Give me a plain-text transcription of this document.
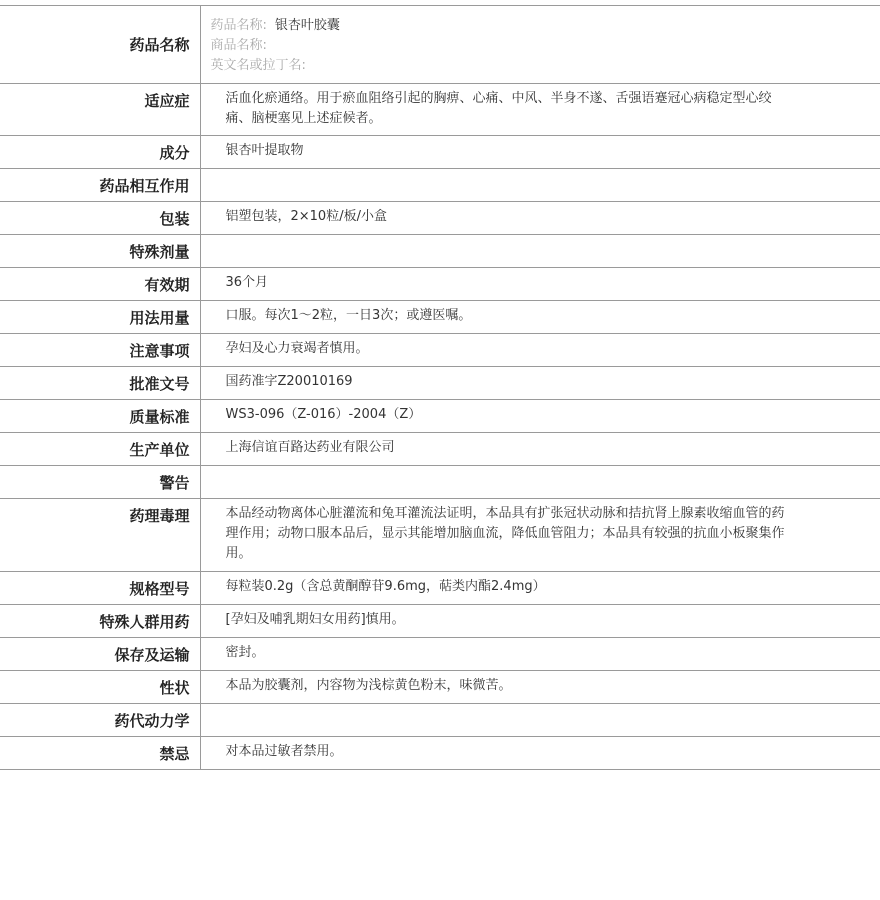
药品名称	药品名称: 银杏叶胶囊
商品名称:
英文名或拉丁名:

适应症	活血化瘀通络。用于瘀血阻络引起的胸痹、心痛、中风、半身不遂、舌强语蹇冠心病稳定型心绞痛、脑梗塞见上述症候者。
成分	银杏叶提取物
药品相互作用	
包装	铝塑包装，2×10粒/板/小盒
特殊剂量	
有效期	36个月
用法用量	口服。每次1～2粒，一日3次；或遵医嘱。
注意事项	孕妇及心力衰竭者慎用。
批准文号	国药准字Z20010169
质量标准	WS3-096（Z-016）-2004（Z）
生产单位	上海信谊百路达药业有限公司
警告	
药理毒理	本品经动物离体心脏灌流和兔耳灌流法证明，本品具有扩张冠状动脉和拮抗肾上腺素收缩血管的药理作用；动物口服本品后，显示其能增加脑血流，降低血管阻力；本品具有较强的抗血小板聚集作用。
规格型号	每粒装0.2g（含总黄酮醇苷9.6mg，萜类内酯2.4mg）
特殊人群用药	[孕妇及哺乳期妇女用药]慎用。
保存及运输	密封。
性状	本品为胶囊剂，内容物为浅棕黄色粉末，味微苦。
药代动力学	
禁忌	对本品过敏者禁用。
